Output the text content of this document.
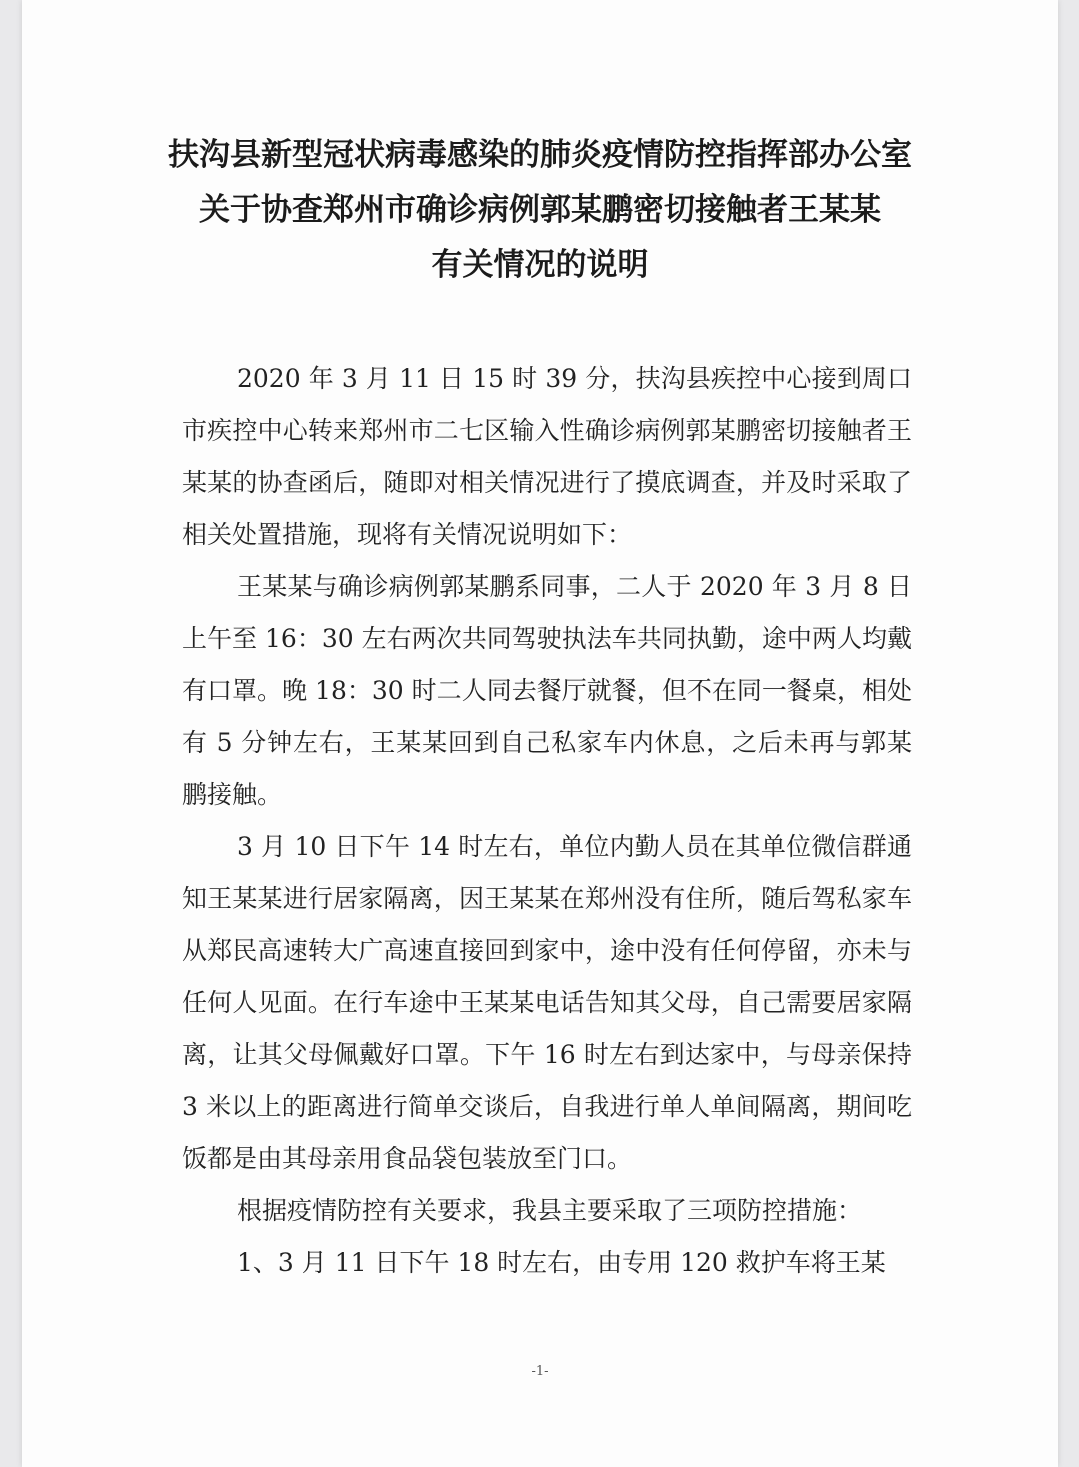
扶沟县新型冠状病毒感染的肺炎疫情防控指挥部办公室
关于协查郑州市确诊病例郭某鹏密切接触者王某某
有关情况的说明

2020 年 3 月 11 日 15 时 39 分，扶沟县疾控中心接到周口市疾控中心转来郑州市二七区输入性确诊病例郭某鹏密切接触者王某某的协查函后，随即对相关情况进行了摸底调查，并及时采取了相关处置措施，现将有关情况说明如下：

王某某与确诊病例郭某鹏系同事，二人于 2020 年 3 月 8 日上午至 16：30 左右两次共同驾驶执法车共同执勤，途中两人均戴有口罩。晚 18：30 时二人同去餐厅就餐，但不在同一餐桌，相处有 5 分钟左右，王某某回到自己私家车内休息，之后未再与郭某鹏接触。

3 月 10 日下午 14 时左右，单位内勤人员在其单位微信群通知王某某进行居家隔离，因王某某在郑州没有住所，随后驾私家车从郑民高速转大广高速直接回到家中，途中没有任何停留，亦未与任何人见面。在行车途中王某某电话告知其父母，自己需要居家隔离，让其父母佩戴好口罩。下午 16 时左右到达家中，与母亲保持 3 米以上的距离进行简单交谈后，自我进行单人单间隔离，期间吃饭都是由其母亲用食品袋包装放至门口。

根据疫情防控有关要求，我县主要采取了三项防控措施：

1、3 月 11 日下午 18 时左右，由专用 120 救护车将王某

-1-
